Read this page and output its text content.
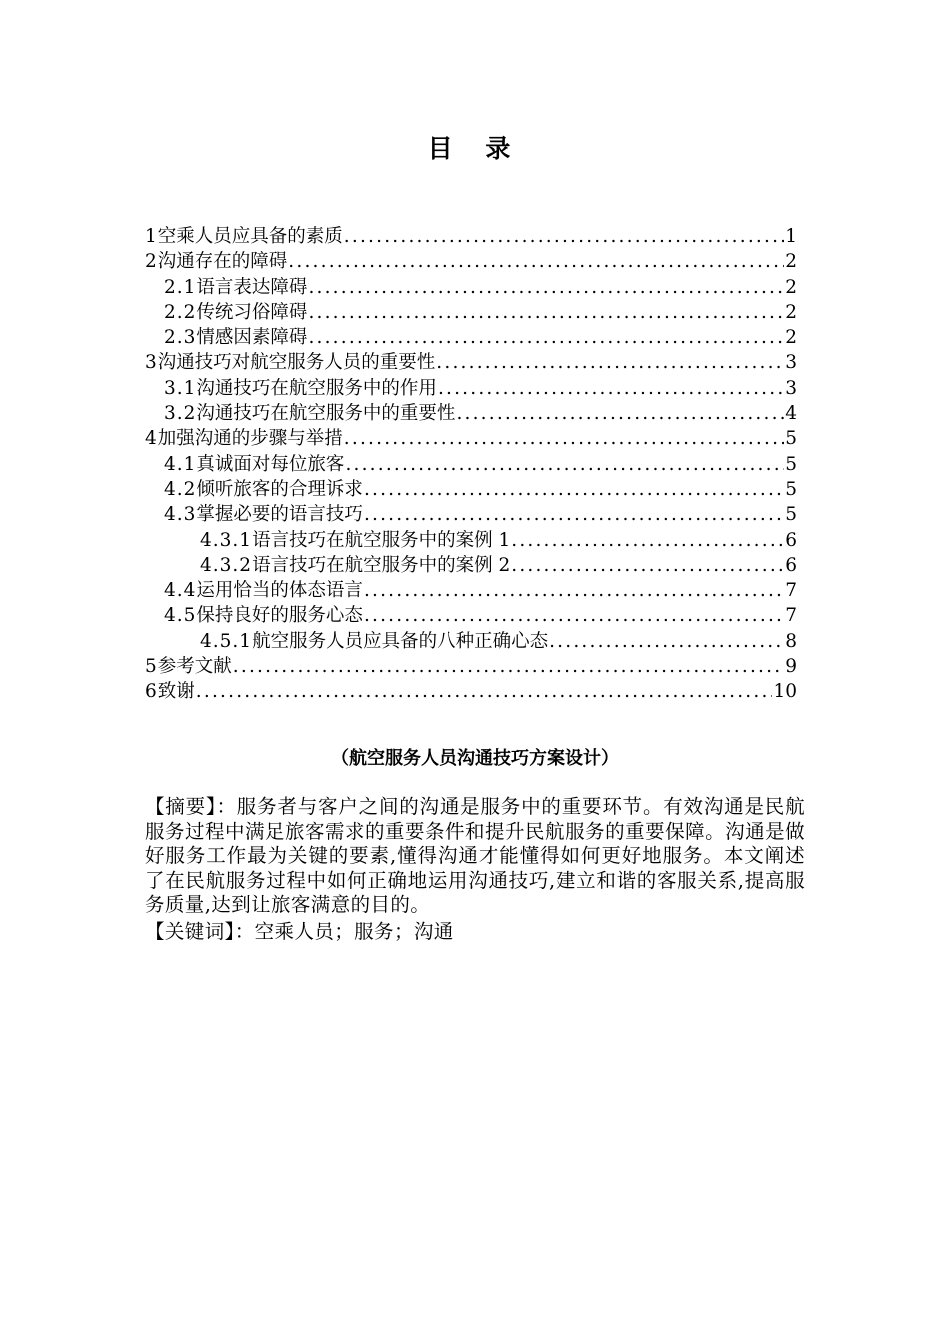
目 录
1 空乘人员应具备的素质 .....	1
2 沟通存在的障碍 .....	2
2.1 语言表达障碍 .....	2
2.2 传统习俗障碍 .....	2
2.3 情感因素障碍 .....	2
3 沟通技巧对航空服务人员的重要性 .....	3
3.1 沟通技巧在航空服务中的作用 .....	3
3.2 沟通技巧在航空服务中的重要性 .....	4
4 加强沟通的步骤与举措 .....	5
4.1 真诚面对每位旅客 .....	5
4.2 倾听旅客的合理诉求 .....	5
4.3 掌握必要的语言技巧 .....	5
4.3.1 语言技巧在航空服务中的案例 1 .....	6
4.3.2 语言技巧在航空服务中的案例 2 .....	6
4.4 运用恰当的体态语言 .....	7
4.5 保持良好的服务心态 .....	7
4.5.1 航空服务人员应具备的八种正确心态 .....	8
5 参考文献 .....	9
6 致谢 .....	10
（航空服务人员沟通技巧方案设计）
【摘要】：服务者与客户之间的沟通是服务中的重要环节。有效沟通是民航服务过程中满足旅客需求的重要条件和提升民航服务的重要保障。沟通是做好服务工作最为关键的要素,懂得沟通才能懂得如何更好地服务。本文阐述了在民航服务过程中如何正确地运用沟通技巧,建立和谐的客服关系,提高服务质量,达到让旅客满意的目的。
【关键词】：空乘人员；服务；沟通
